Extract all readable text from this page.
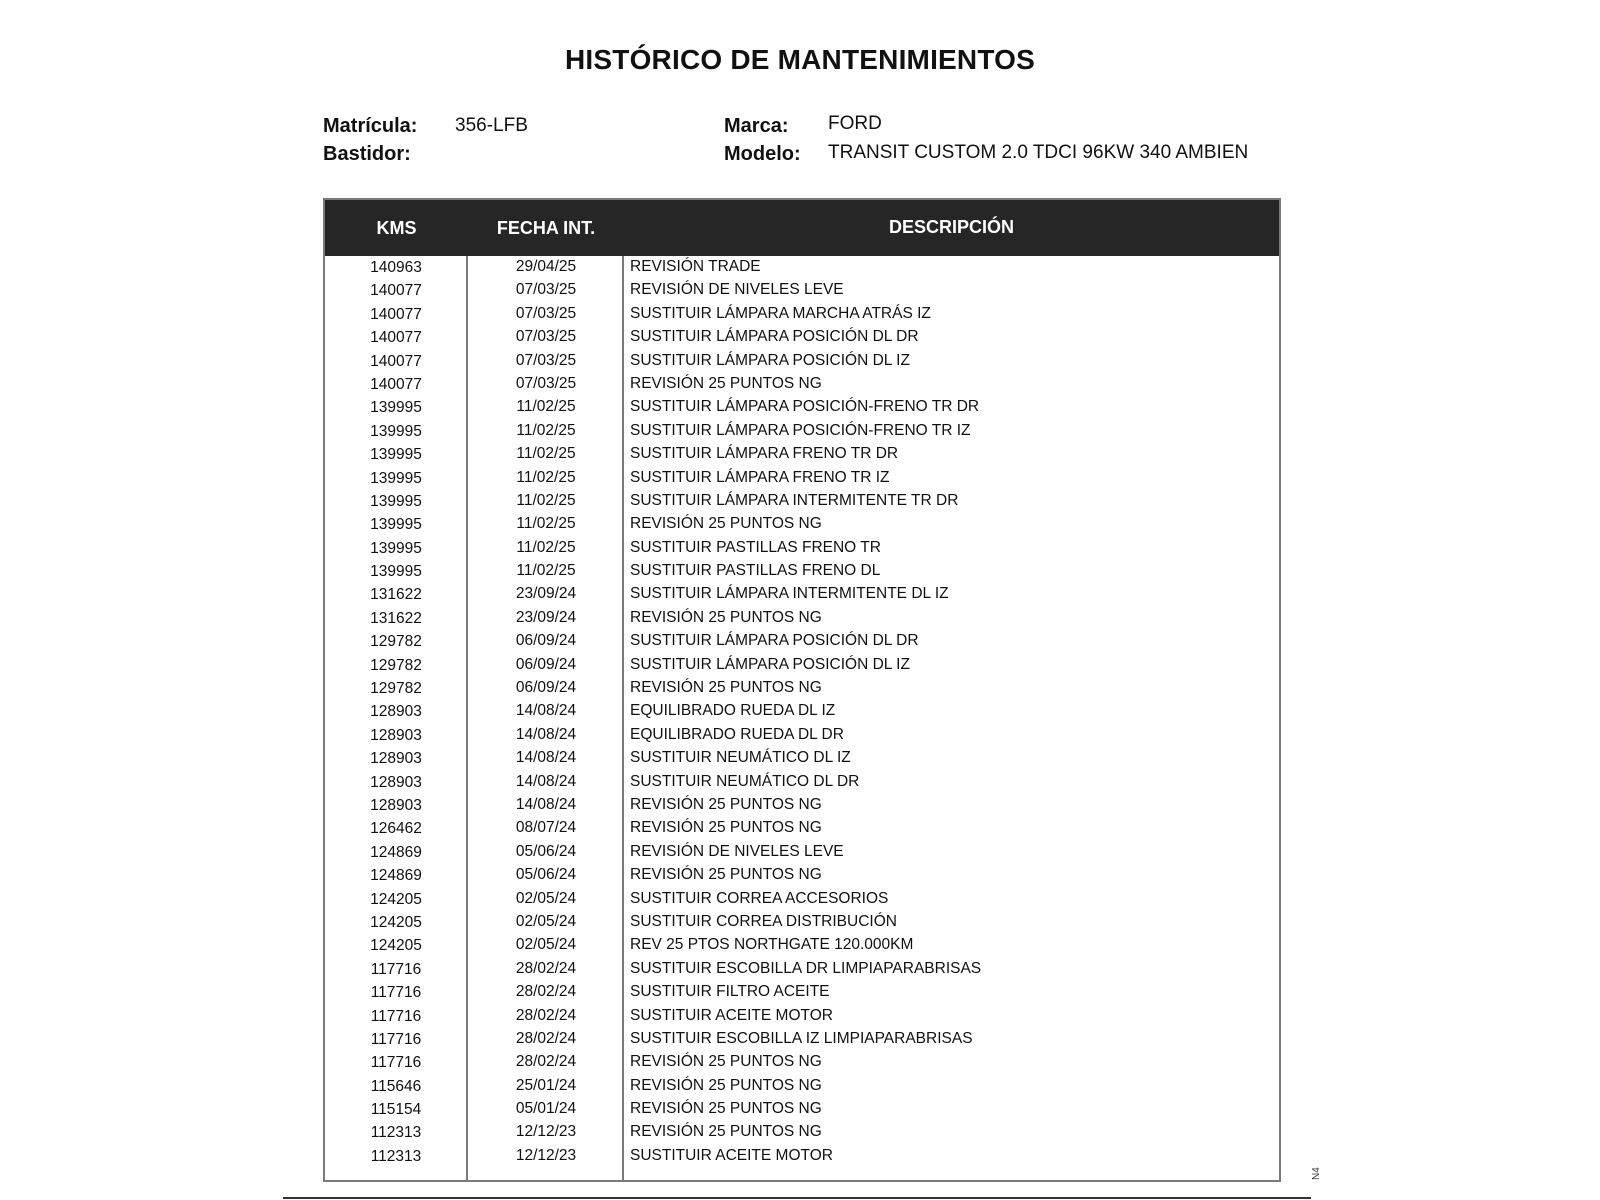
HISTÓRICO DE MANTENIMIENTOS
Matrícula: 356-LFB
Bastidor:
Marca: FORD
Modelo: TRANSIT CUSTOM 2.0 TDCI 96KW 340 AMBIEN
KMS	FECHA INT.	DESCRIPCIÓN
140963	29/04/25	REVISIÓN TRADE
140077	07/03/25	REVISIÓN DE NIVELES LEVE
140077	07/03/25	SUSTITUIR LÁMPARA MARCHA ATRÁS IZ
140077	07/03/25	SUSTITUIR LÁMPARA POSICIÓN DL DR
140077	07/03/25	SUSTITUIR LÁMPARA POSICIÓN DL IZ
140077	07/03/25	REVISIÓN 25 PUNTOS NG
139995	11/02/25	SUSTITUIR LÁMPARA POSICIÓN-FRENO TR DR
139995	11/02/25	SUSTITUIR LÁMPARA POSICIÓN-FRENO TR IZ
139995	11/02/25	SUSTITUIR LÁMPARA FRENO TR DR
139995	11/02/25	SUSTITUIR LÁMPARA FRENO TR IZ
139995	11/02/25	SUSTITUIR LÁMPARA INTERMITENTE TR DR
139995	11/02/25	REVISIÓN 25 PUNTOS NG
139995	11/02/25	SUSTITUIR PASTILLAS FRENO TR
139995	11/02/25	SUSTITUIR PASTILLAS FRENO DL
131622	23/09/24	SUSTITUIR LÁMPARA INTERMITENTE DL IZ
131622	23/09/24	REVISIÓN 25 PUNTOS NG
129782	06/09/24	SUSTITUIR LÁMPARA POSICIÓN DL DR
129782	06/09/24	SUSTITUIR LÁMPARA POSICIÓN DL IZ
129782	06/09/24	REVISIÓN 25 PUNTOS NG
128903	14/08/24	EQUILIBRADO RUEDA DL IZ
128903	14/08/24	EQUILIBRADO RUEDA DL DR
128903	14/08/24	SUSTITUIR NEUMÁTICO DL IZ
128903	14/08/24	SUSTITUIR NEUMÁTICO DL DR
128903	14/08/24	REVISIÓN 25 PUNTOS NG
126462	08/07/24	REVISIÓN 25 PUNTOS NG
124869	05/06/24	REVISIÓN DE NIVELES LEVE
124869	05/06/24	REVISIÓN 25 PUNTOS NG
124205	02/05/24	SUSTITUIR CORREA ACCESORIOS
124205	02/05/24	SUSTITUIR CORREA DISTRIBUCIÓN
124205	02/05/24	REV 25 PTOS NORTHGATE 120.000KM
117716	28/02/24	SUSTITUIR ESCOBILLA DR LIMPIAPARABRISAS
117716	28/02/24	SUSTITUIR FILTRO ACEITE
117716	28/02/24	SUSTITUIR ACEITE MOTOR
117716	28/02/24	SUSTITUIR ESCOBILLA IZ LIMPIAPARABRISAS
117716	28/02/24	REVISIÓN 25 PUNTOS NG
115646	25/01/24	REVISIÓN 25 PUNTOS NG
115154	05/01/24	REVISIÓN 25 PUNTOS NG
112313	12/12/23	REVISIÓN 25 PUNTOS NG
112313	12/12/23	SUSTITUIR ACEITE MOTOR
N4
